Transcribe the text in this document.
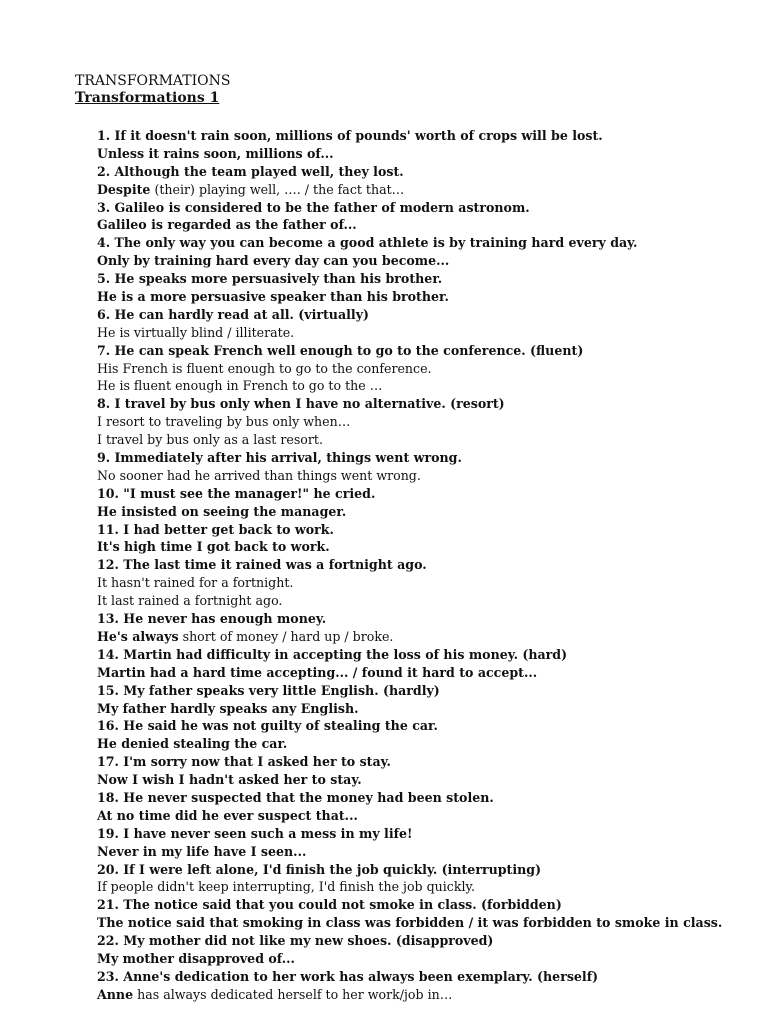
TRANSFORMATIONS
Transformations 1
1. If it doesn't rain soon, millions of pounds' worth of crops will be lost.
Unless it rains soon, millions of...
2. Although the team played well, they lost.
Despite (their) playing well, …. / the fact that…
3. Galileo is considered to be the father of modern astronom.
Galileo is regarded as the father of...
4. The only way you can become a good athlete is by training hard every day.
Only by training hard every day can you become...
5. He speaks more persuasively than his brother.
He is a more persuasive speaker than his brother.
6. He can hardly read at all. (virtually)
He is virtually blind / illiterate.
7. He can speak French well enough to go to the conference. (fluent)
His French is fluent enough to go to the conference.
He is fluent enough in French to go to the …
8. I travel by bus only when I have no alternative. (resort)
I resort to traveling by bus only when…
I travel by bus only as a last resort.
9. Immediately after his arrival, things went wrong.
No sooner had he arrived than things went wrong.
10. "I must see the manager!" he cried.
He insisted on seeing the manager.
11. I had better get back to work.
It's high time I got back to work.
12. The last time it rained was a fortnight ago.
It hasn't rained for a fortnight.
It last rained a fortnight ago.
13. He never has enough money.
He's always short of money / hard up / broke.
14. Martin had difficulty in accepting the loss of his money. (hard)
Martin had a hard time accepting... / found it hard to accept...
15. My father speaks very little English. (hardly)
My father hardly speaks any English.
16. He said he was not guilty of stealing the car.
He denied stealing the car.
17. I'm sorry now that I asked her to stay.
Now I wish I hadn't asked her to stay.
18. He never suspected that the money had been stolen.
At no time did he ever suspect that...
19. I have never seen such a mess in my life!
Never in my life have I seen...
20. If I were left alone, I'd finish the job quickly. (interrupting)
If people didn't keep interrupting, I'd finish the job quickly.
21. The notice said that you could not smoke in class. (forbidden)
The notice said that smoking in class was forbidden / it was forbidden to smoke in class.
22. My mother did not like my new shoes. (disapproved)
My mother disapproved of...
23. Anne's dedication to her work has always been exemplary. (herself)
Anne has always dedicated herself to her work/job in…
